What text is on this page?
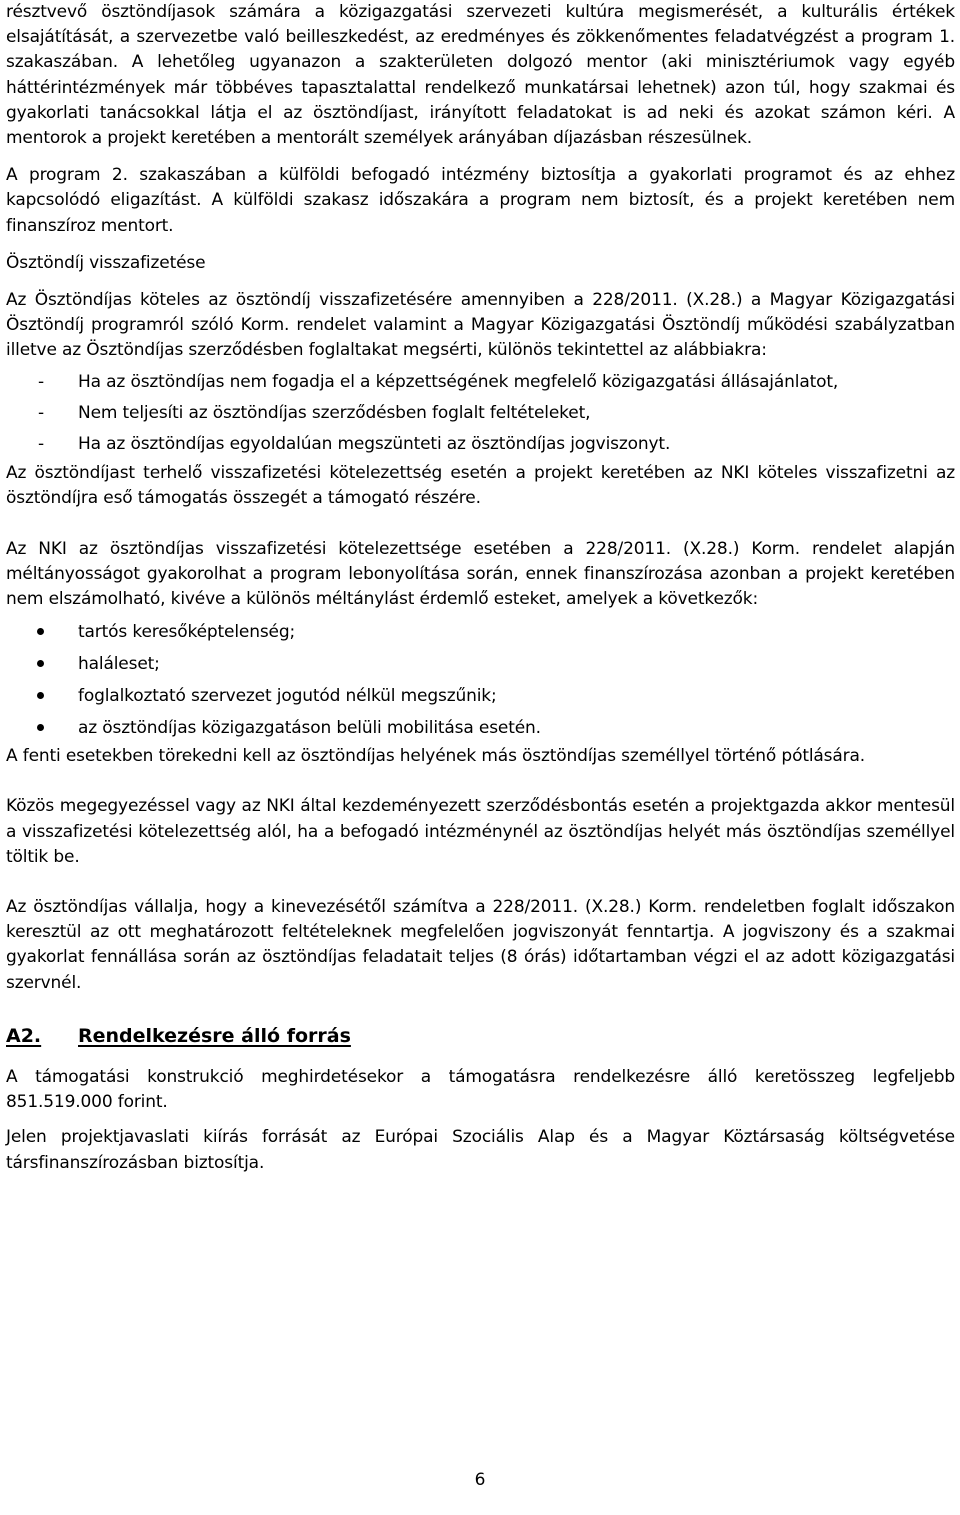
résztvevő ösztöndíjasok számára a közigazgatási szervezeti kultúra megismerését, a kulturális értékek elsajátítását, a szervezetbe való beilleszkedést, az eredményes és zökkenőmentes feladatvégzést a program 1. szakaszában. A lehetőleg ugyanazon a szakterületen dolgozó mentor (aki minisztériumok vagy egyéb háttérintézmények már többéves tapasztalattal rendelkező munkatársai lehetnek) azon túl, hogy szakmai és gyakorlati tanácsokkal látja el az ösztöndíjast, irányított feladatokat is ad neki és azokat számon kéri. A mentorok a projekt keretében a mentorált személyek arányában díjazásban részesülnek.

A program 2. szakaszában a külföldi befogadó intézmény biztosítja a gyakorlati programot és az ehhez kapcsolódó eligazítást. A külföldi szakasz időszakára a program nem biztosít, és a projekt keretében nem finanszíroz mentort.

Ösztöndíj visszafizetése

Az Ösztöndíjas köteles az ösztöndíj visszafizetésére amennyiben a 228/2011. (X.28.) a Magyar Közigazgatási Ösztöndíj programról szóló Korm. rendelet valamint a Magyar Közigazgatási Ösztöndíj működési szabályzatban illetve az Ösztöndíjas szerződésben foglaltakat megsérti, különös tekintettel az alábbiakra:

- Ha az ösztöndíjas nem fogadja el a képzettségének megfelelő közigazgatási állásajánlatot,
- Nem teljesíti az ösztöndíjas szerződésben foglalt feltételeket,
- Ha az ösztöndíjas egyoldalúan megszünteti az ösztöndíjas jogviszonyt.

Az ösztöndíjast terhelő visszafizetési kötelezettség esetén a projekt keretében az NKI köteles visszafizetni az ösztöndíjra eső támogatás összegét a támogató részére.

Az NKI az ösztöndíjas visszafizetési kötelezettsége esetében a 228/2011. (X.28.) Korm. rendelet alapján méltányosságot gyakorolhat a program lebonyolítása során, ennek finanszírozása azonban a projekt keretében nem elszámolható, kivéve a különös méltánylást érdemlő esteket, amelyek a következők:

tartós keresőképtelenség;
haláleset;
foglalkoztató szervezet jogutód nélkül megszűnik;
az ösztöndíjas közigazgatáson belüli mobilitása esetén.

A fenti esetekben törekedni kell az ösztöndíjas helyének más ösztöndíjas személlyel történő pótlására.

Közös megegyezéssel vagy az NKI által kezdeményezett szerződésbontás esetén a projektgazda akkor mentesül a visszafizetési kötelezettség alól, ha a befogadó intézménynél az ösztöndíjas helyét más ösztöndíjas személlyel töltik be.

Az ösztöndíjas vállalja, hogy a kinevezésétől számítva a 228/2011. (X.28.) Korm. rendeletben foglalt időszakon keresztül az ott meghatározott feltételeknek megfelelően jogviszonyát fenntartja. A jogviszony és a szakmai gyakorlat fennállása során az ösztöndíjas feladatait teljes (8 órás) időtartamban végzi el az adott közigazgatási szervnél.

A2. Rendelkezésre álló forrás

A támogatási konstrukció meghirdetésekor a támogatásra rendelkezésre álló keretösszeg legfeljebb 851.519.000 forint.

Jelen projektjavaslati kiírás forrását az Európai Szociális Alap és a Magyar Köztársaság költségvetése társfinanszírozásban biztosítja.

6
